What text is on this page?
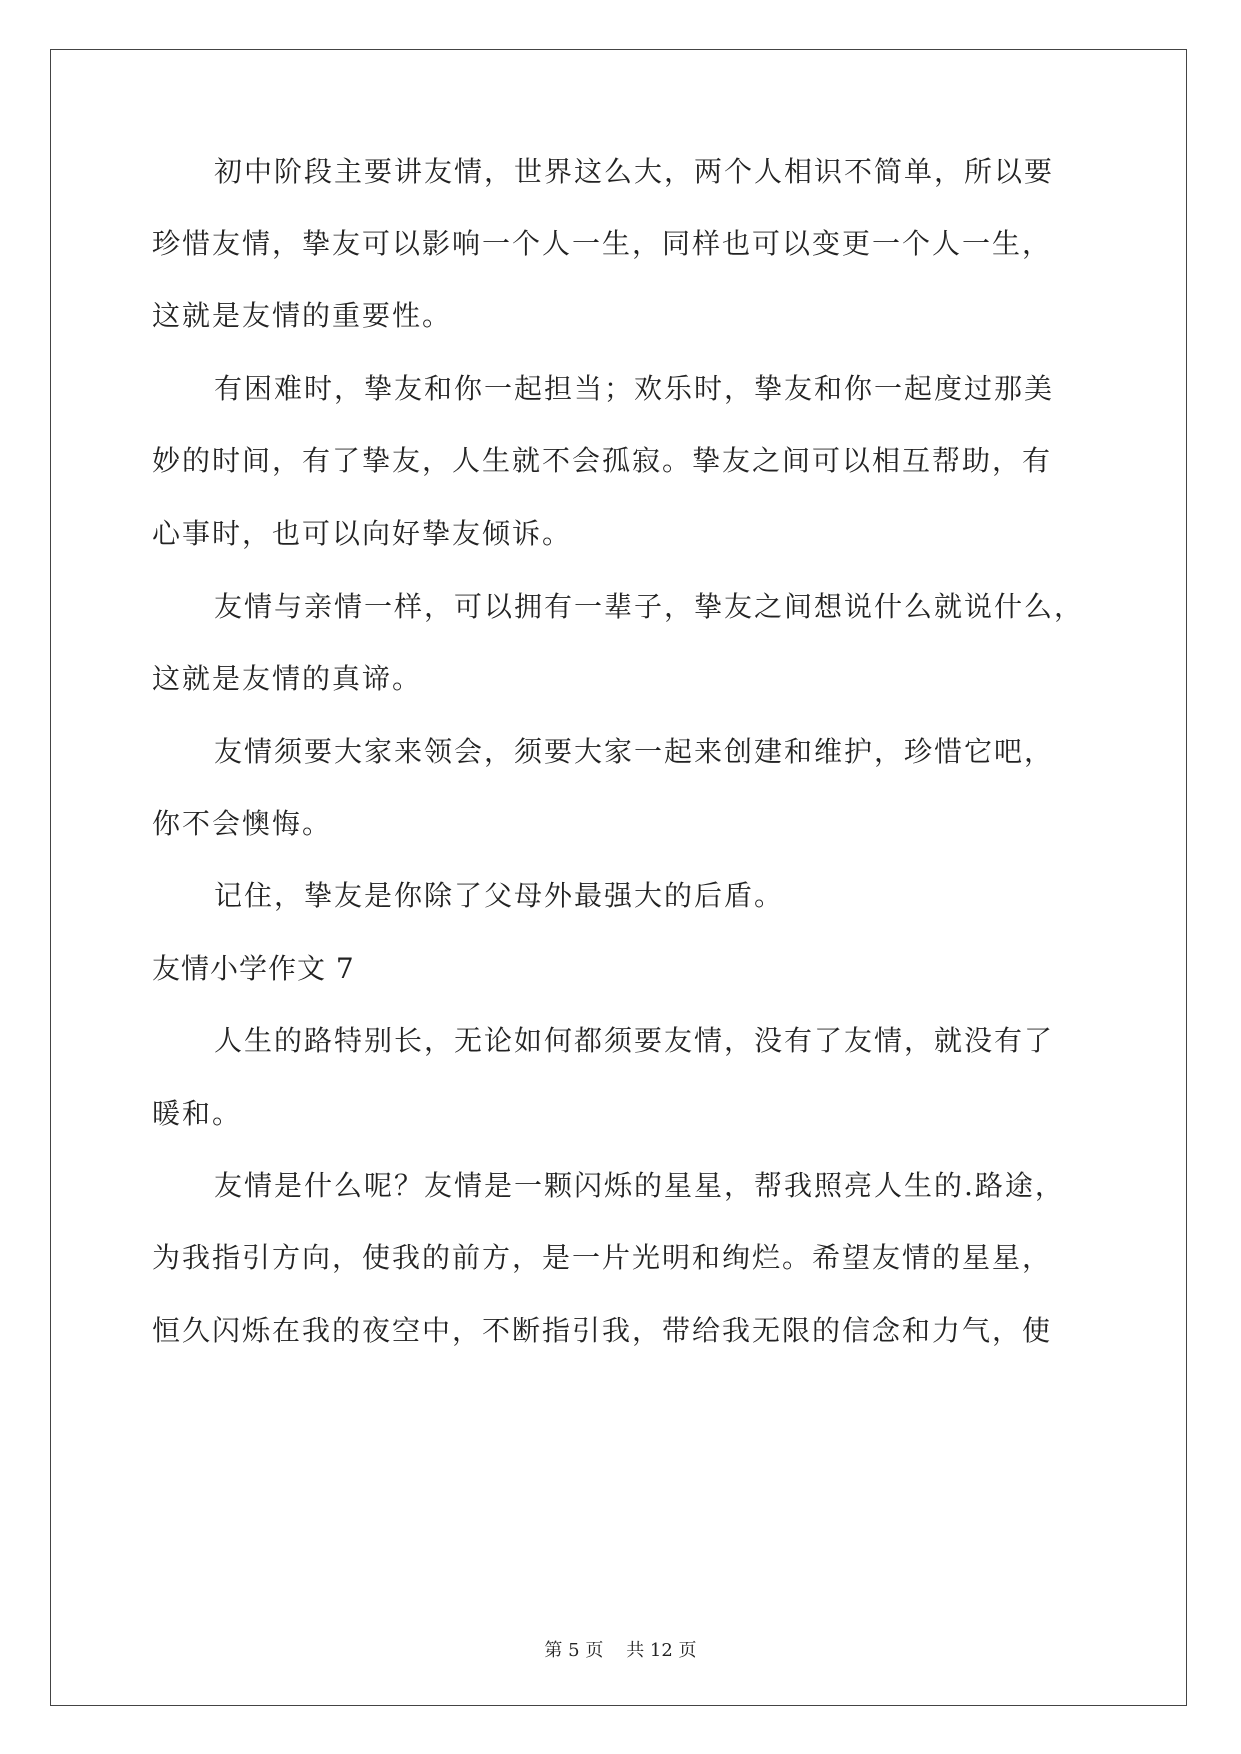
初中阶段主要讲友情，世界这么大，两个人相识不简单，所以要
珍惜友情，挚友可以影响一个人一生，同样也可以变更一个人一生，
这就是友情的重要性。
有困难时，挚友和你一起担当；欢乐时，挚友和你一起度过那美
妙的时间，有了挚友，人生就不会孤寂。挚友之间可以相互帮助，有
心事时，也可以向好挚友倾诉。
友情与亲情一样，可以拥有一辈子，挚友之间想说什么就说什么，
这就是友情的真谛。
友情须要大家来领会，须要大家一起来创建和维护，珍惜它吧，
你不会懊悔。
记住，挚友是你除了父母外最强大的后盾。
友情小学作文 7
人生的路特别长，无论如何都须要友情，没有了友情，就没有了
暖和。
友情是什么呢？友情是一颗闪烁的星星，帮我照亮人生的.路途，
为我指引方向，使我的前方，是一片光明和绚烂。希望友情的星星，
恒久闪烁在我的夜空中，不断指引我，带给我无限的信念和力气，使
第 5 页    共 12 页
